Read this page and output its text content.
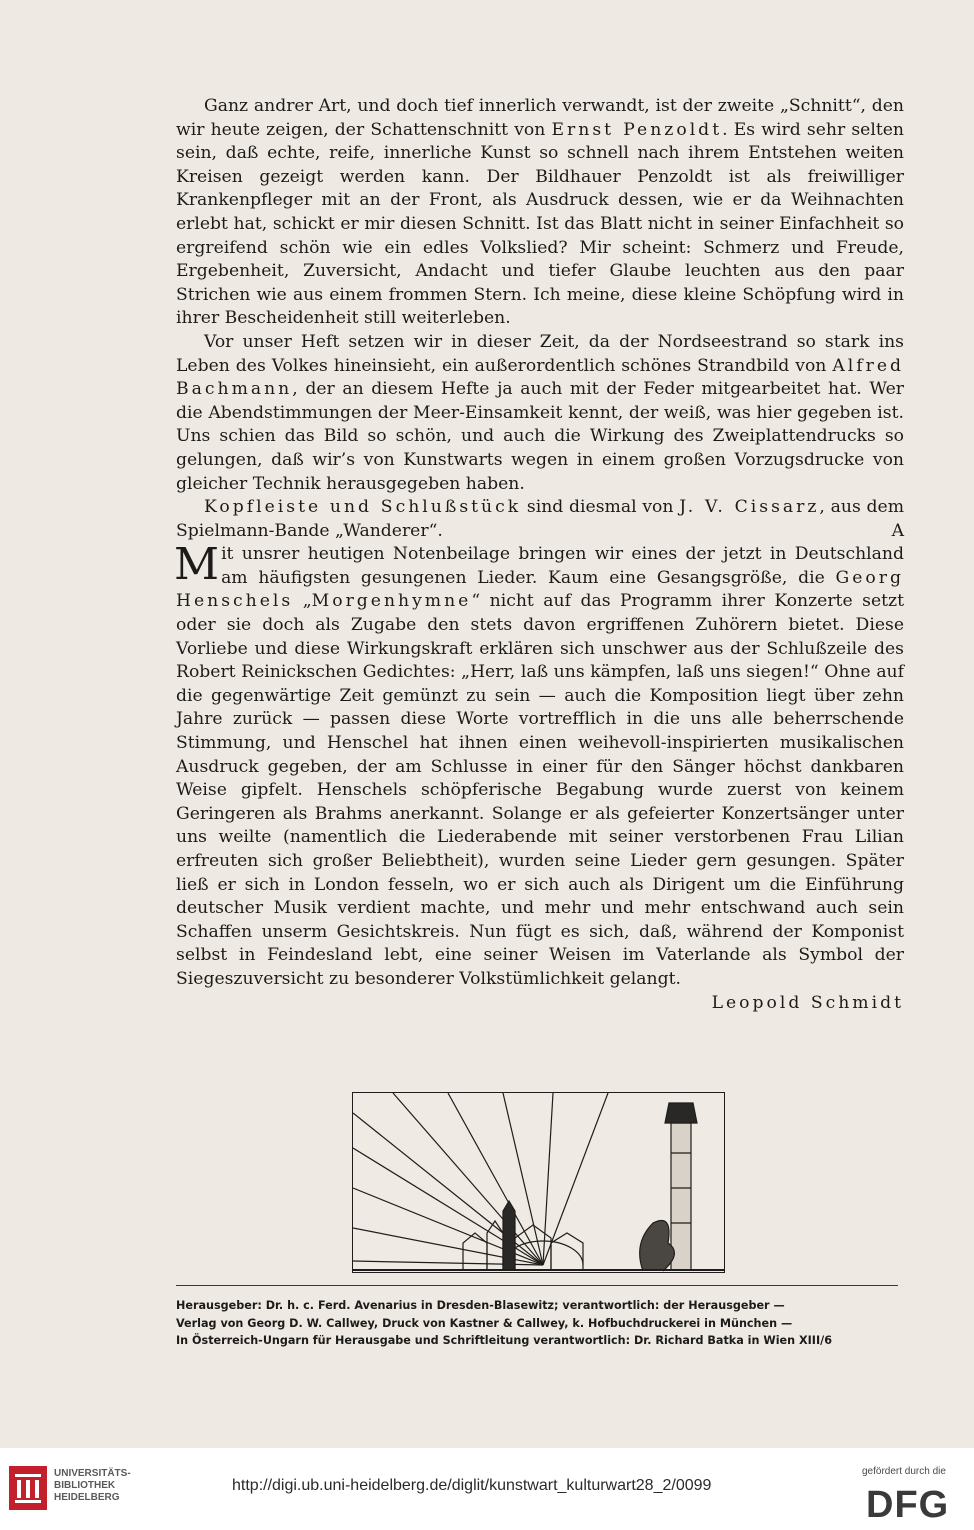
Ganz andrer Art, und doch tief innerlich verwandt, ist der zweite „Schnitt“, den wir heute zeigen, der Schattenschnitt von Ernst Penzoldt. Es wird sehr selten sein, daß echte, reife, innerliche Kunst so schnell nach ihrem Entstehen weiten Kreisen gezeigt werden kann. Der Bildhauer Penzoldt ist als freiwilliger Krankenpfleger mit an der Front, als Ausdruck dessen, wie er da Weihnachten erlebt hat, schickt er mir diesen Schnitt. Ist das Blatt nicht in seiner Einfachheit so ergreifend schön wie ein edles Volkslied? Mir scheint: Schmerz und Freude, Ergebenheit, Zuversicht, Andacht und tiefer Glaube leuchten aus den paar Strichen wie aus einem frommen Stern. Ich meine, diese kleine Schöpfung wird in ihrer Bescheidenheit still weiterleben.

Vor unser Heft setzen wir in dieser Zeit, da der Nordseestrand so stark ins Leben des Volkes hineinsieht, ein außerordentlich schönes Strandbild von Alfred Bachmann, der an diesem Hefte ja auch mit der Feder mitgearbeitet hat. Wer die Abendstimmungen der Meer-Einsamkeit kennt, der weiß, was hier gegeben ist. Uns schien das Bild so schön, und auch die Wirkung des Zweiplattendrucks so gelungen, daß wir’s von Kunstwarts wegen in einem großen Vorzugsdrucke von gleicher Technik herausgegeben haben.

Kopfleiste und Schlußstück sind diesmal von J. V. Cissarz, aus dem Spielmann-Bande „Wanderer“.	A

Mit unsrer heutigen Notenbeilage bringen wir eines der jetzt in Deutschland am häufigsten gesungenen Lieder. Kaum eine Gesangsgröße, die Georg Henschels „Morgenhymne“ nicht auf das Programm ihrer Konzerte setzt oder sie doch als Zugabe den stets davon ergriffenen Zuhörern bietet. Diese Vorliebe und diese Wirkungskraft erklären sich unschwer aus der Schlußzeile des Robert Reinickschen Gedichtes: „Herr, laß uns kämpfen, laß uns siegen!“ Ohne auf die gegenwärtige Zeit gemünzt zu sein — auch die Komposition liegt über zehn Jahre zurück — passen diese Worte vortrefflich in die uns alle beherrschende Stimmung, und Henschel hat ihnen einen weihevoll-inspirierten musikalischen Ausdruck gegeben, der am Schlusse in einer für den Sänger höchst dankbaren Weise gipfelt. Henschels schöpferische Begabung wurde zuerst von keinem Geringeren als Brahms anerkannt. Solange er als gefeierter Konzertsänger unter uns weilte (namentlich die Liederabende mit seiner verstorbenen Frau Lilian erfreuten sich großer Beliebtheit), wurden seine Lieder gern gesungen. Später ließ er sich in London fesseln, wo er sich auch als Dirigent um die Einführung deutscher Musik verdient machte, und mehr und mehr entschwand auch sein Schaffen unserm Gesichtskreis. Nun fügt es sich, daß, während der Komponist selbst in Feindesland lebt, eine seiner Weisen im Vaterlande als Symbol der Siegeszuversicht zu besonderer Volkstümlichkeit gelangt.

Leopold Schmidt
Herausgeber: Dr. h. c. Ferd. Avenarius in Dresden-Blasewitz; verantwortlich: der Herausgeber —
Verlag von Georg D. W. Callwey, Druck von Kastner & Callwey, k. Hofbuchdruckerei in München —
In Österreich-Ungarn für Herausgabe und Schriftleitung verantwortlich: Dr. Richard Batka in Wien XIII/6
UNIVERSITÄTS-
BIBLIOTHEK
HEIDELBERG
http://digi.ub.uni-heidelberg.de/diglit/kunstwart_kulturwart28_2/0099
gefördert durch die
DFG
